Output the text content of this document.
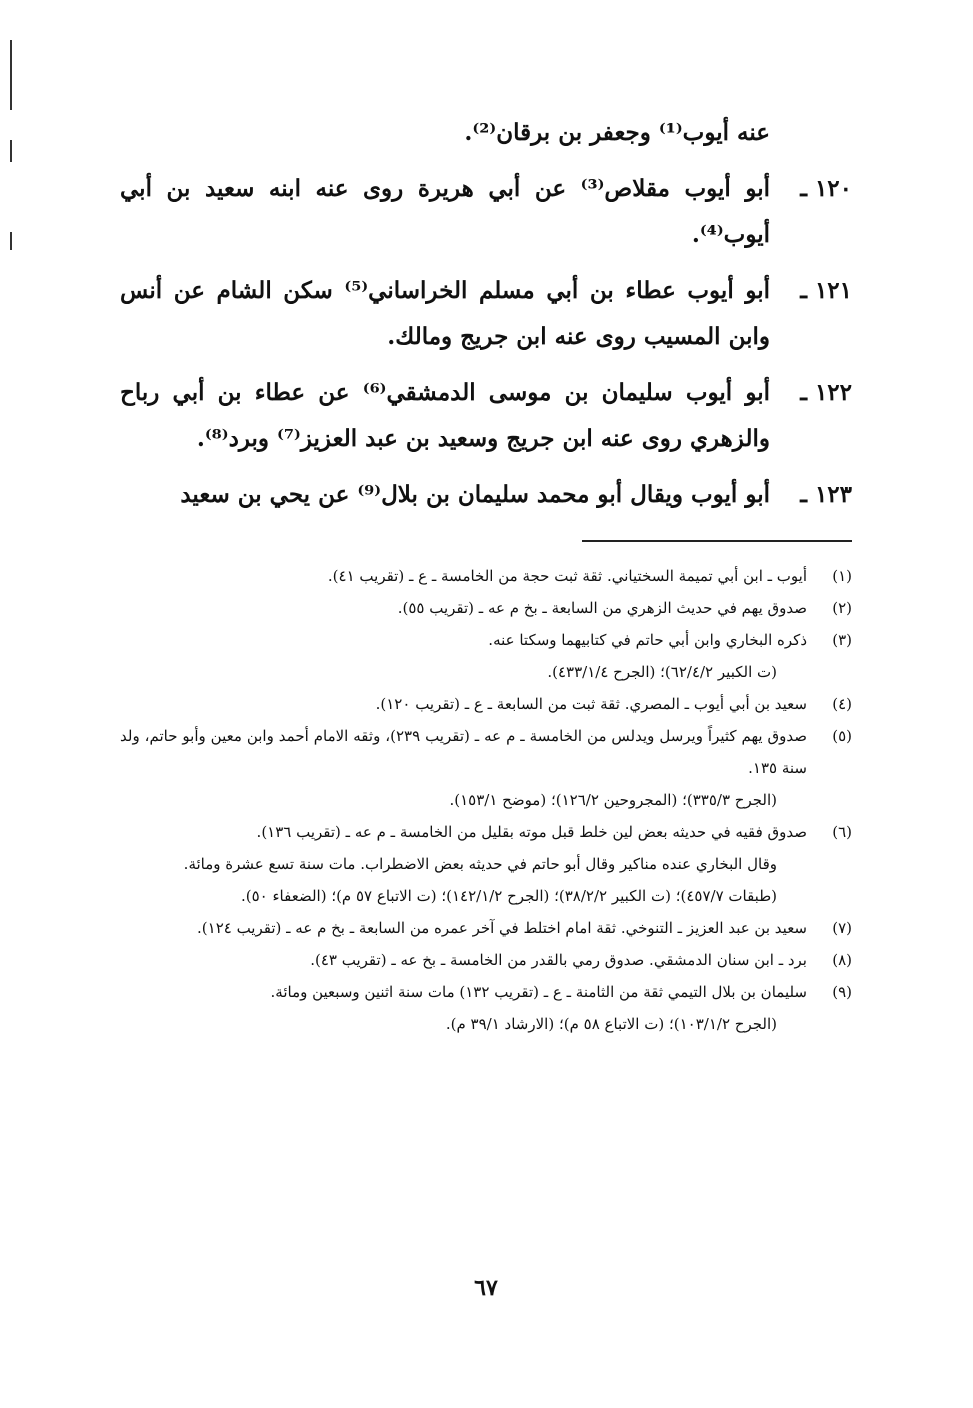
عنه أيوب⁽¹⁾ وجعفر بن برقان⁽²⁾.
١٢٠ ـ
أبو أيوب مقلاص⁽³⁾ عن أبي هريرة روى عنه ابنه سعيد بن أبي أيوب⁽⁴⁾.
١٢١ ـ
أبو أيوب عطاء بن أبي مسلم الخراساني⁽⁵⁾ سكن الشام عن أنس وابن المسيب روى عنه ابن جريج ومالك.
١٢٢ ـ
أبو أيوب سليمان بن موسى الدمشقي⁽⁶⁾ عن عطاء بن أبي رباح والزهري روى عنه ابن جريج وسعيد بن عبد العزيز⁽⁷⁾ وبرد⁽⁸⁾.
١٢٣ ـ
أبو أيوب ويقال أبو محمد سليمان بن بلال⁽⁹⁾ عن يحي بن سعيد
(١)
أيوب ـ ابن أبي تميمة السختياني. ثقة ثبت حجة من الخامسة ـ ع ـ (تقريب ٤١).
(٢)
صدوق يهم في حديث الزهري من السابعة ـ بخ م عه ـ (تقريب ٥٥).
(٣)
ذكره البخاري وابن أبي حاتم في كتابيهما وسكتا عنه.
(ت الكبير ٦٢/٤/٢)؛ (الجرح ٤٣٣/١/٤).
(٤)
سعيد بن أبي أيوب ـ المصري. ثقة ثبت من السابعة ـ ع ـ (تقريب ١٢٠).
(٥)
صدوق يهم كثيراً ويرسل ويدلس من الخامسة ـ م عه ـ (تقريب ٢٣٩)، وثقه الامام أحمد وابن معين وأبو حاتم، ولد سنة ١٣٥.
(الجرح ٣٣٥/٣)؛ (المجروحين ١٢٦/٢)؛ (موضح ١٥٣/١).
(٦)
صدوق فقيه في حديثه بعض لين خلط قبل موته بقليل من الخامسة ـ م عه ـ (تقريب ١٣٦).
وقال البخاري عنده مناكير وقال أبو حاتم في حديثه بعض الاضطراب. مات سنة تسع عشرة ومائة.
(طبقات ٤٥٧/٧)؛ (ت الكبير ٣٨/٢/٢)؛ (الجرح ١٤٢/١/٢)؛ (ت الاتباع ٥٧ م)؛ (الضعفاء ٥٠).
(٧)
سعيد بن عبد العزيز ـ التنوخي. ثقة امام اختلط في آخر عمره من السابعة ـ بخ م عه ـ (تقريب ١٢٤).
(٨)
برد ـ ابن سنان الدمشقي. صدوق رمي بالقدر من الخامسة ـ بخ عه ـ (تقريب ٤٣).
(٩)
سليمان بن بلال التيمي ثقة من الثامنة ـ ع ـ (تقريب ١٣٢) مات سنة اثنين وسبعين ومائة.
(الجرح ١٠٣/١/٢)؛ (ت الاتباع ٥٨ م)؛ (الارشاد ٣٩/١ م).
٦٧
